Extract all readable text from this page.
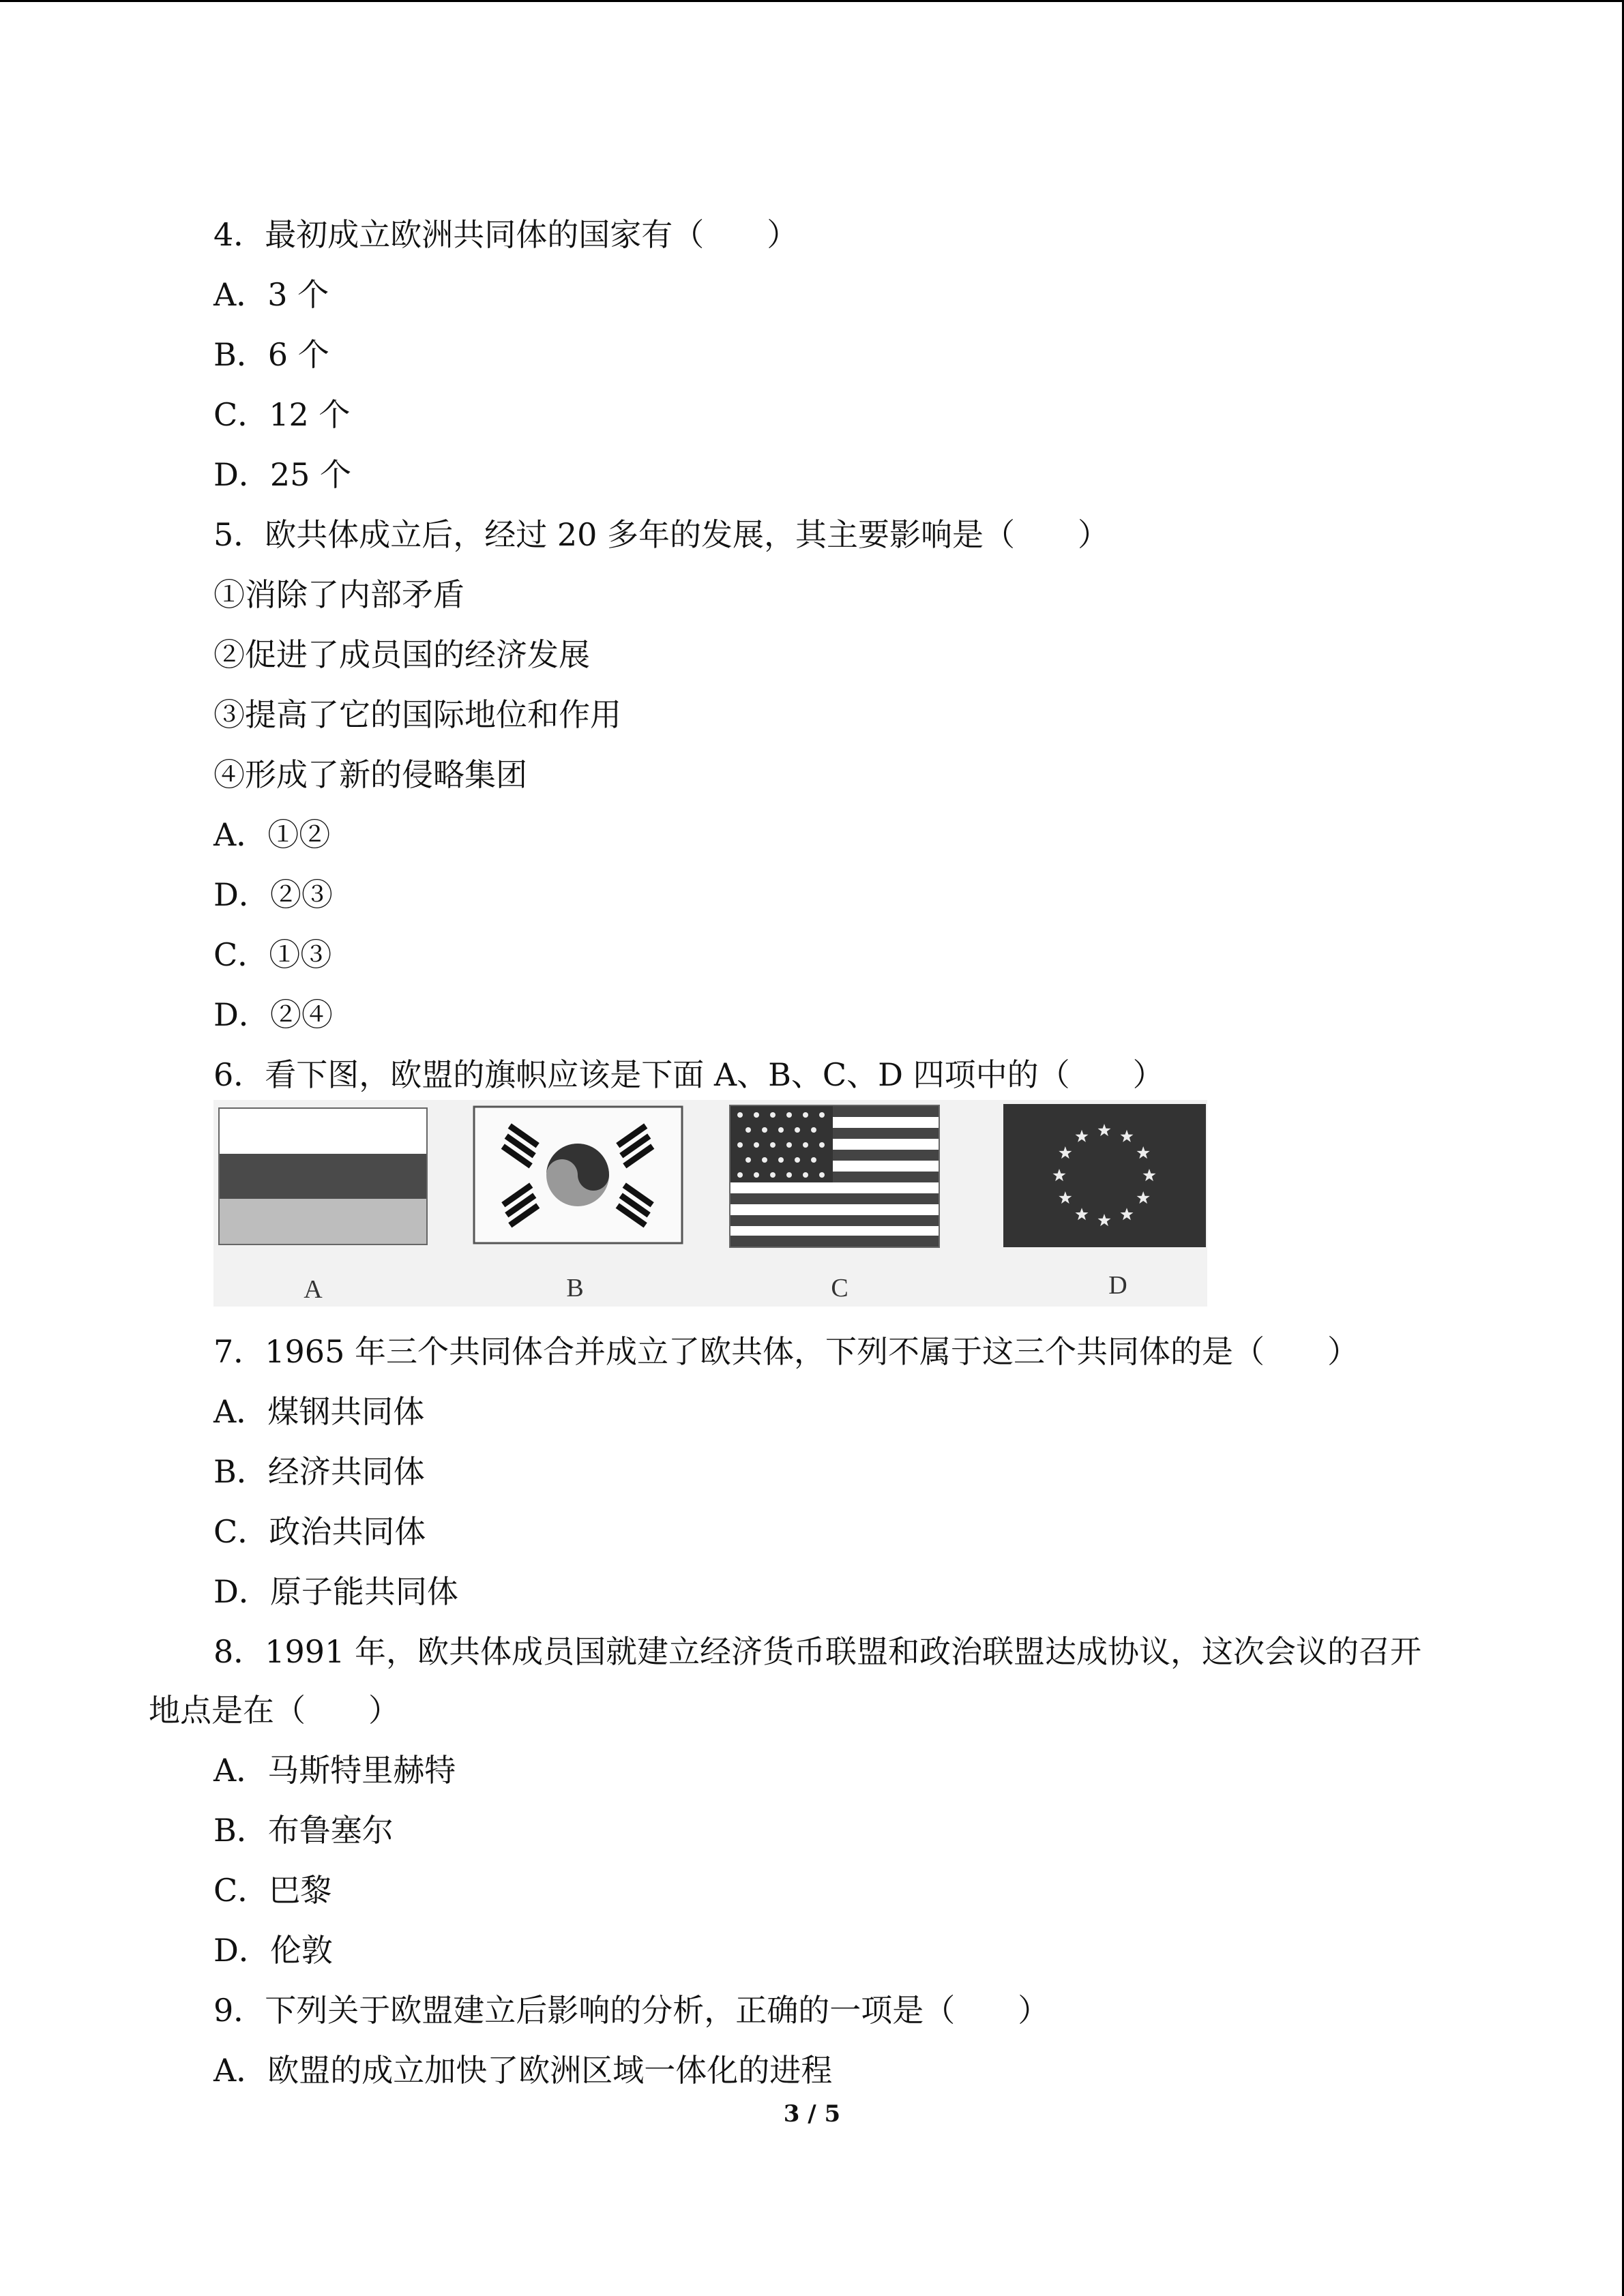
4．最初成立欧洲共同体的国家有（　　）
A．3 个
B．6 个
C．12 个
D．25 个
5．欧共体成立后，经过 20 多年的发展，其主要影响是（　　）
①消除了内部矛盾
②促进了成员国的经济发展
③提高了它的国际地位和作用
④形成了新的侵略集团
A．①②
D．②③
C．①③
D．②④
6．看下图，欧盟的旗帜应该是下面 A、B、C、D 四项中的（　　）
A	B	C	D
7．1965 年三个共同体合并成立了欧共体，下列不属于这三个共同体的是（　　）
A．煤钢共同体
B．经济共同体
C．政治共同体
D．原子能共同体
8．1991 年，欧共体成员国就建立经济货币联盟和政治联盟达成协议，这次会议的召开
地点是在（　　）
A．马斯特里赫特
B．布鲁塞尔
C．巴黎
D．伦敦
9．下列关于欧盟建立后影响的分析，正确的一项是（　　）
A．欧盟的成立加快了欧洲区域一体化的进程
3 / 5
